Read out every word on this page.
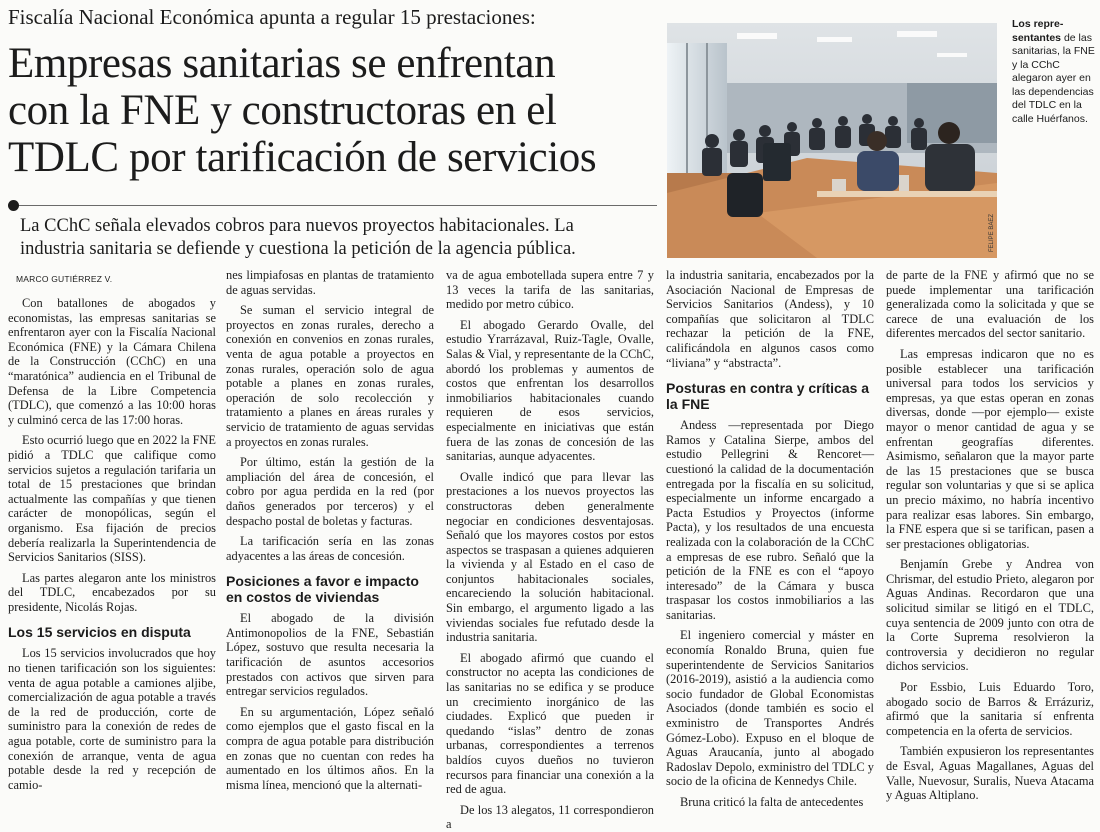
Fiscalía Nacional Económica apunta a regular 15 prestaciones:
Empresas sanitarias se enfrentan
con la FNE y constructoras en el
TDLC por tarificación de servicios
La CChC señala elevados cobros para nuevos proyectos habitacionales. La
industria sanitaria se defiende y cuestiona la petición de la agencia pública.	FELIPE BÁEZ
Los repre-sentantes de las sanitarias, la FNE y la CChC alegaron ayer en las dependencias del TDLC en la calle Huérfanos.
MARCO GUTIÉRREZ V.

Con batallones de abogados y economistas, las empresas sanitarias se enfrentaron ayer con la Fiscalía Nacional Económica (FNE) y la Cámara Chilena de la Construcción (CChC) en una “maratónica” audiencia en el Tribunal de Defensa de la Libre Competencia (TDLC), que comenzó a las 10:00 horas y culminó cerca de las 17:00 horas.

Esto ocurrió luego que en 2022 la FNE pidió a TDLC que califique como servicios sujetos a regulación tarifaria un total de 15 prestaciones que brindan actualmente las compañías y que tienen carácter de monopólicas, según el organismo. Esa fijación de precios debería realizarla la Superintendencia de Servicios Sanitarios (SISS).

Las partes alegaron ante los ministros del TDLC, encabezados por su presidente, Nicolás Rojas.

Los 15 servicios en disputa

Los 15 servicios involucrados que hoy no tienen tarificación son los siguientes: venta de agua potable a camiones aljibe, comercialización de agua potable a través de la red de producción, corte de suministro para la conexión de redes de agua potable, corte de suministro para la conexión de arranque, venta de agua potable desde la red y recepción de camio-

nes limpiafosas en plantas de tratamiento de aguas servidas.

Se suman el servicio integral de proyectos en zonas rurales, derecho a conexión en convenios en zonas rurales, venta de agua potable a proyectos en zonas rurales, operación solo de agua potable a planes en zonas rurales, operación de solo recolección y tratamiento a planes en áreas rurales y servicio de tratamiento de aguas servidas a proyectos en zonas rurales.

Por último, están la gestión de la ampliación del área de concesión, el cobro por agua perdida en la red (por daños generados por terceros) y el despacho postal de boletas y facturas.

La tarificación sería en las zonas adyacentes a las áreas de concesión.

Posiciones a favor e impacto en costos de viviendas

El abogado de la división Antimonopolios de la FNE, Sebastián López, sostuvo que resulta necesaria la tarificación de asuntos accesorios prestados con activos que sirven para entregar servicios regulados.

En su argumentación, López señaló como ejemplos que el gasto fiscal en la compra de agua potable para distribución en zonas que no cuentan con redes ha aumentado en los últimos años. En la misma línea, mencionó que la alternati-

va de agua embotellada supera entre 7 y 13 veces la tarifa de las sanitarias, medido por metro cúbico.

El abogado Gerardo Ovalle, del estudio Yrarrázaval, Ruiz-Tagle, Ovalle, Salas & Vial, y representante de la CChC, abordó los problemas y aumentos de costos que enfrentan los desarrollos inmobiliarios habitacionales cuando requieren de esos servicios, especialmente en iniciativas que están fuera de las zonas de concesión de las sanitarias, aunque adyacentes.

Ovalle indicó que para llevar las prestaciones a los nuevos proyectos las constructoras deben generalmente negociar en condiciones desventajosas. Señaló que los mayores costos por estos aspectos se traspasan a quienes adquieren la vivienda y al Estado en el caso de conjuntos habitacionales sociales, encareciendo la solución habitacional. Sin embargo, el argumento ligado a las viviendas sociales fue refutado desde la industria sanitaria.

El abogado afirmó que cuando el constructor no acepta las condiciones de las sanitarias no se edifica y se produce un crecimiento inorgánico de las ciudades. Explicó que pueden ir quedando “islas” dentro de zonas urbanas, correspondientes a terrenos baldíos cuyos dueños no tuvieron recursos para financiar una conexión a la red de agua.

De los 13 alegatos, 11 correspondieron a

la industria sanitaria, encabezados por la Asociación Nacional de Empresas de Servicios Sanitarios (Andess), y 10 compañías que solicitaron al TDLC rechazar la petición de la FNE, calificándola en algunos casos como “liviana” y “abstracta”.

Posturas en contra y críticas a la FNE

Andess —representada por Diego Ramos y Catalina Sierpe, ambos del estudio Pellegrini & Rencoret— cuestionó la calidad de la documentación entregada por la fiscalía en su solicitud, especialmente un informe encargado a Pacta Estudios y Proyectos (informe Pacta), y los resultados de una encuesta realizada con la colaboración de la CChC a empresas de ese rubro. Señaló que la petición de la FNE es con el “apoyo interesado” de la Cámara y busca traspasar los costos inmobiliarios a las sanitarias.

El ingeniero comercial y máster en economía Ronaldo Bruna, quien fue superintendente de Servicios Sanitarios (2016-2019), asistió a la audiencia como socio fundador de Global Economistas Asociados (donde también es socio el exministro de Transportes Andrés Gómez-Lobo). Expuso en el bloque de Aguas Araucanía, junto al abogado Radoslav Depolo, exministro del TDLC y socio de la oficina de Kennedys Chile.

Bruna criticó la falta de antecedentes

de parte de la FNE y afirmó que no se puede implementar una tarificación generalizada como la solicitada y que se carece de una evaluación de los diferentes mercados del sector sanitario.

Las empresas indicaron que no es posible establecer una tarificación universal para todos los servicios y empresas, ya que estas operan en zonas diversas, donde —por ejemplo— existe mayor o menor cantidad de agua y se enfrentan geografías diferentes. Asimismo, señalaron que la mayor parte de las 15 prestaciones que se busca regular son voluntarias y que si se aplica un precio máximo, no habría incentivo para realizar esas labores. Sin embargo, la FNE espera que si se tarifican, pasen a ser prestaciones obligatorias.

Benjamín Grebe y Andrea von Chrismar, del estudio Prieto, alegaron por Aguas Andinas. Recordaron que una solicitud similar se litigó en el TDLC, cuya sentencia de 2009 junto con otra de la Corte Suprema resolvieron la controversia y decidieron no regular dichos servicios.

Por Essbio, Luis Eduardo Toro, abogado socio de Barros & Errázuriz, afirmó que la sanitaria sí enfrenta competencia en la oferta de servicios.

También expusieron los representantes de Esval, Aguas Magallanes, Aguas del Valle, Nuevosur, Suralis, Nueva Atacama y Aguas Altiplano.
